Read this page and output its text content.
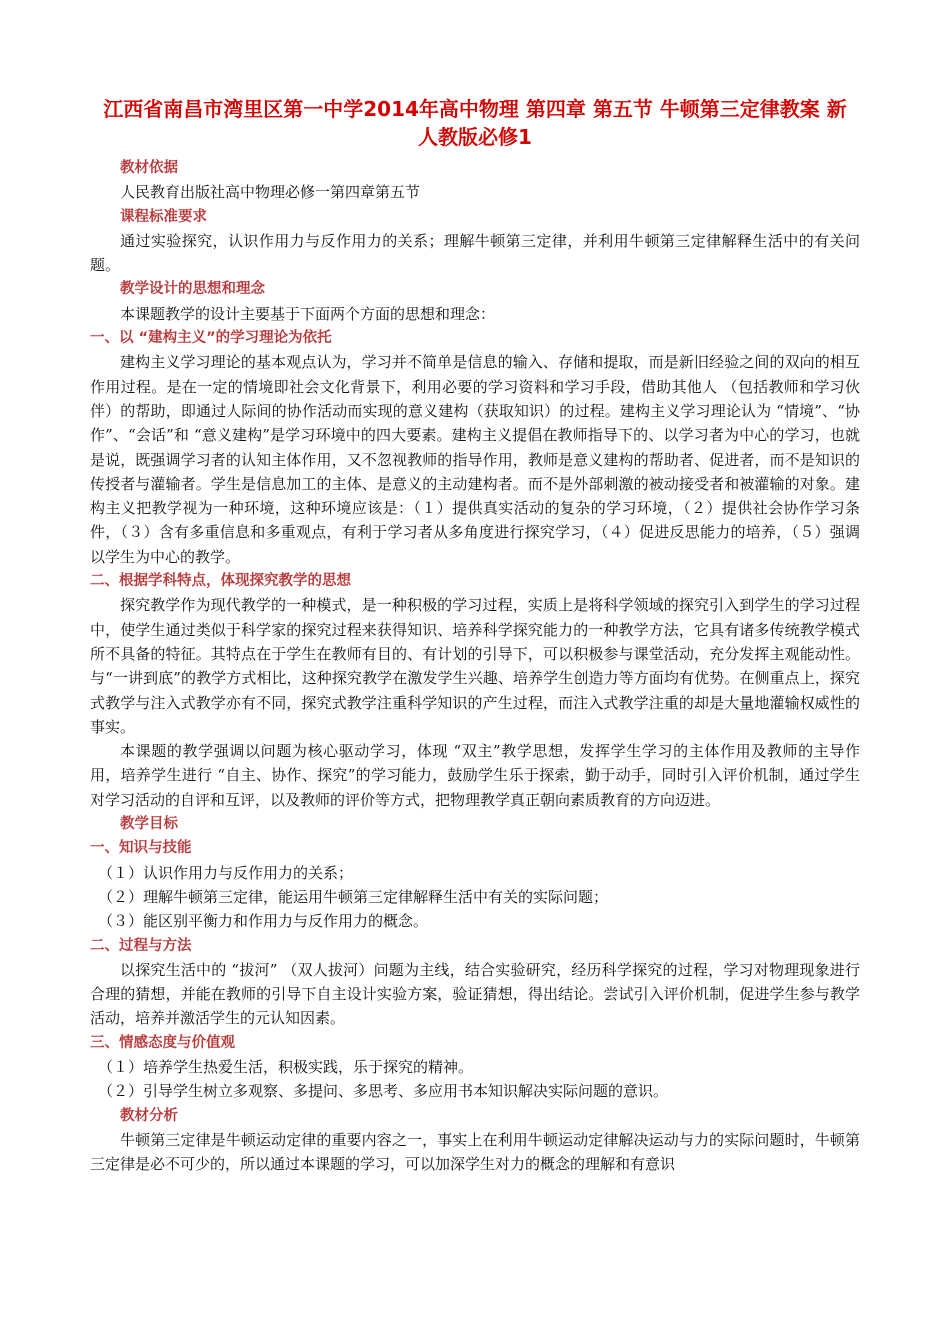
江西省南昌市湾里区第一中学2014年高中物理 第四章 第五节 牛顿第三定律教案 新人教版必修1
教材依据
人民教育出版社高中物理必修一第四章第五节
课程标准要求

通过实验探究，认识作用力与反作用力的关系；理解牛顿第三定律，并利用牛顿第三定律解释生活中的有关问题。

教学设计的思想和理念

本课题教学的设计主要基于下面两个方面的思想和理念：

一、以 “建构主义”的学习理论为依托

建构主义学习理论的基本观点认为，学习并不简单是信息的输入、存储和提取，而是新旧经验之间的双向的相互作用过程。是在一定的情境即社会文化背景下，利用必要的学习资料和学习手段，借助其他人 （包括教师和学习伙伴）的帮助，即通过人际间的协作活动而实现的意义建构（获取知识）的过程。建构主义学习理论认为 “情境”、“协作”、“会话”和 “意义建构”是学习环境中的四大要素。建构主义提倡在教师指导下的、以学习者为中心的学习，也就是说，既强调学习者的认知主体作用，又不忽视教师的指导作用，教师是意义建构的帮助者、促进者，而不是知识的传授者与灌输者。学生是信息加工的主体、是意义的主动建构者。而不是外部刺激的被动接受者和被灌输的对象。建构主义把教学视为一种环境，这种环境应该是：（１）提供真实活动的复杂的学习环境，（２）提供社会协作学习条件，（３）含有多重信息和多重观点，有利于学习者从多角度进行探究学习，（４）促进反思能力的培养，（５）强调以学生为中心的教学。

二、根据学科特点，体现探究教学的思想

探究教学作为现代教学的一种模式，是一种积极的学习过程，实质上是将科学领域的探究引入到学生的学习过程中，使学生通过类似于科学家的探究过程来获得知识、培养科学探究能力的一种教学方法，它具有诸多传统教学模式所不具备的特征。其特点在于学生在教师有目的、有计划的引导下，可以积极参与课堂活动，充分发挥主观能动性。与“一讲到底”的教学方式相比，这种探究教学在激发学生兴趣、培养学生创造力等方面均有优势。在侧重点上，探究式教学与注入式教学亦有不同，探究式教学注重科学知识的产生过程，而注入式教学注重的却是大量地灌输权威性的事实。

本课题的教学强调以问题为核心驱动学习，体现 “双主”教学思想，发挥学生学习的主体作用及教师的主导作用，培养学生进行 “自主、协作、探究”的学习能力，鼓励学生乐于探索，勤于动手，同时引入评价机制，通过学生对学习活动的自评和互评，以及教师的评价等方式，把物理教学真正朝向素质教育的方向迈进。

教学目标
一、知识与技能

（１）认识作用力与反作用力的关系；

（２）理解牛顿第三定律，能运用牛顿第三定律解释生活中有关的实际问题；

（３）能区别平衡力和作用力与反作用力的概念。

二、过程与方法

以探究生活中的 “拔河” （双人拔河）问题为主线，结合实验研究，经历科学探究的过程，学习对物理现象进行合理的猜想，并能在教师的引导下自主设计实验方案，验证猜想，得出结论。尝试引入评价机制，促进学生参与教学活动，培养并激活学生的元认知因素。

三、情感态度与价值观

（１）培养学生热爱生活，积极实践，乐于探究的精神。

（２）引导学生树立多观察、多提问、多思考、多应用书本知识解决实际问题的意识。

教材分析

牛顿第三定律是牛顿运动定律的重要内容之一，事实上在利用牛顿运动定律解决运动与力的实际问题时，牛顿第三定律是必不可少的，所以通过本课题的学习，可以加深学生对力的概念的理解和有意识
